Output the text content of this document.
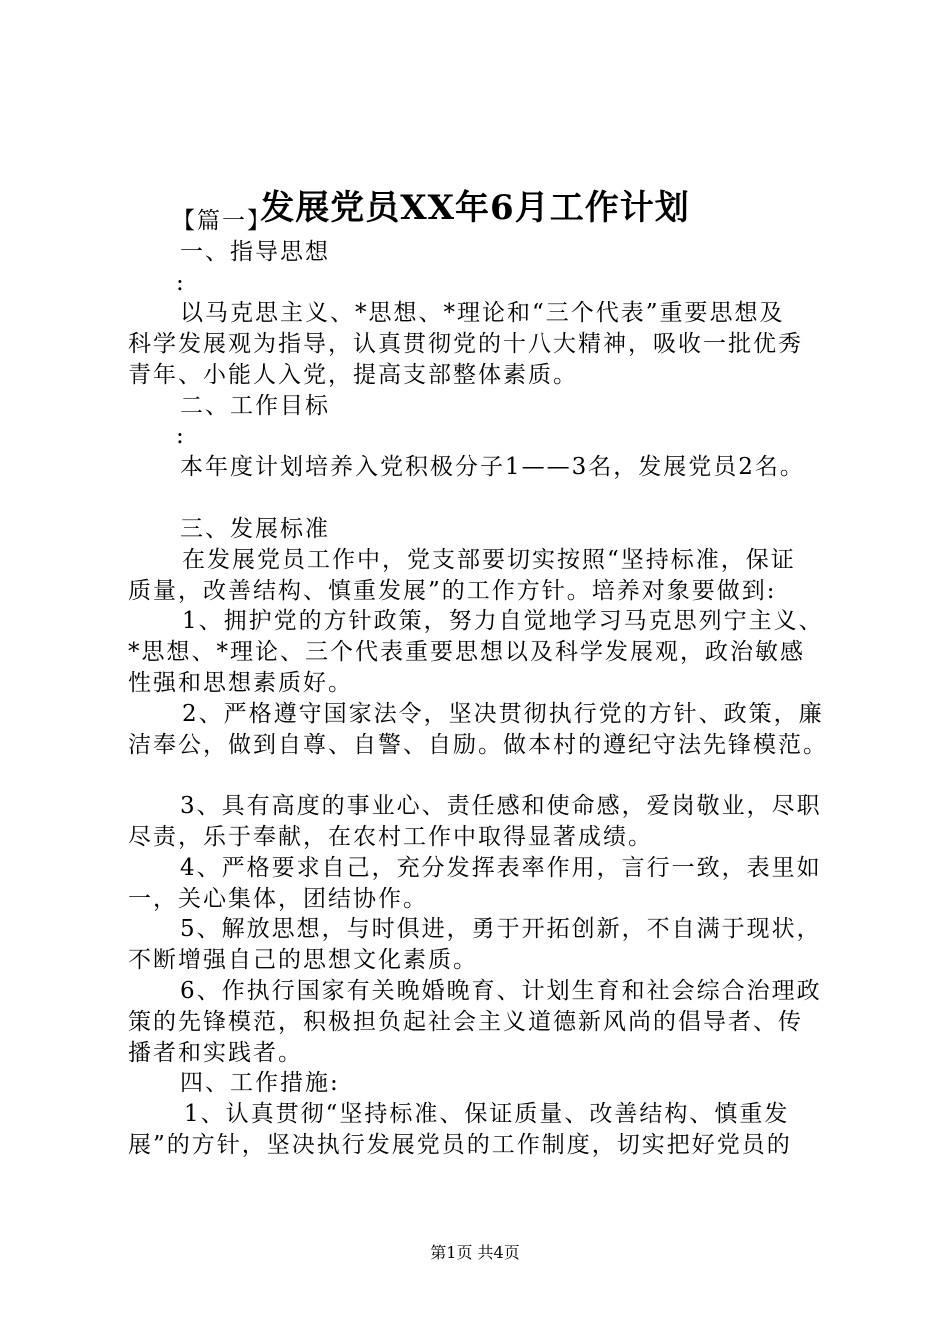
发展党员XX年6月工作计划
【篇一】
一、指导思想
:
以马克思主义、*思想、*理论和“三个代表”重要思想及
科学发展观为指导，认真贯彻党的十八大精神，吸收一批优秀
青年、小能人入党，提高支部整体素质。
二、工作目标
:
本年度计划培养入党积极分子1——3名，发展党员2名。
三、发展标准
在发展党员工作中，党支部要切实按照“坚持标准，保证
质量，改善结构、慎重发展”的工作方针。培养对象要做到:
1、拥护党的方针政策，努力自觉地学习马克思列宁主义、
*思想、*理论、三个代表重要思想以及科学发展观，政治敏感
性强和思想素质好。
2、严格遵守国家法令，坚决贯彻执行党的方针、政策，廉
洁奉公，做到自尊、自警、自励。做本村的遵纪守法先锋模范。
3、具有高度的事业心、责任感和使命感，爱岗敬业，尽职
尽责，乐于奉献，在农村工作中取得显著成绩。
4、严格要求自己，充分发挥表率作用，言行一致，表里如
一，关心集体，团结协作。
5、解放思想，与时俱进，勇于开拓创新，不自满于现状，
不断增强自己的思想文化素质。
6、作执行国家有关晚婚晚育、计划生育和社会综合治理政
策的先锋模范，积极担负起社会主义道德新风尚的倡导者、传
播者和实践者。
四、工作措施:
1、认真贯彻“坚持标准、保证质量、改善结构、慎重发
展”的方针，坚决执行发展党员的工作制度，切实把好党员的
第1页 共4页
